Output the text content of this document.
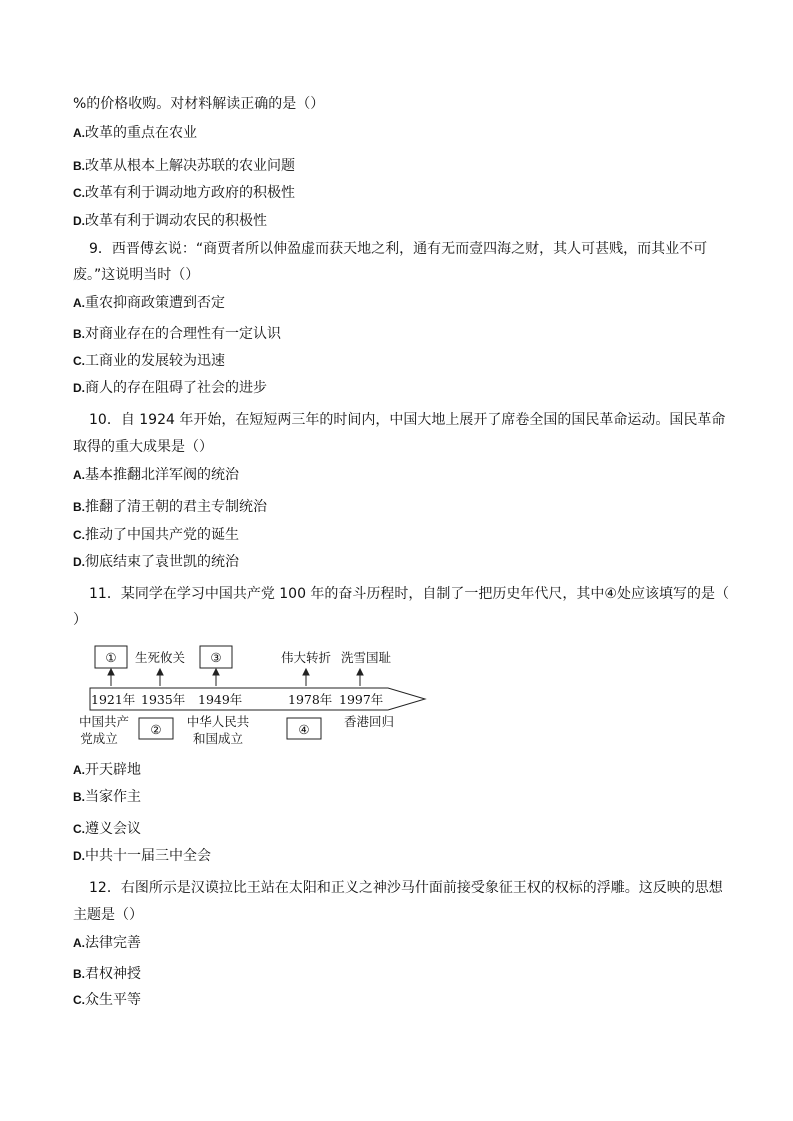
%的价格收购。对材料解读正确的是（）
A.改革的重点在农业
B.改革从根本上解决苏联的农业问题
C.改革有利于调动地方政府的积极性
D.改革有利于调动农民的积极性
9．西晋傅玄说：“商贾者所以伸盈虚而获天地之利，通有无而壹四海之财，其人可甚贱，而其业不可
废。”这说明当时（）
A.重农抑商政策遭到否定
B.对商业存在的合理性有一定认识
C.工商业的发展较为迅速
D.商人的存在阻碍了社会的进步
10．自 1924 年开始，在短短两三年的时间内，中国大地上展开了席卷全国的国民革命运动。国民革命
取得的重大成果是（）
A.基本推翻北洋军阀的统治
B.推翻了清王朝的君主专制统治
C.推动了中国共产党的诞生
D.彻底结束了袁世凯的统治
11．某同学在学习中国共产党 100 年的奋斗历程时，自制了一把历史年代尺，其中④处应该填写的是（
）
①	③
生死攸关	伟大转折 洗雪国耻
1921年 1935年 1949年	1978年 1997年
中国共产
党成立
②
中华人民共
和国成立
④
香港回归
A.开天辟地
B.当家作主
C.遵义会议
D.中共十一届三中全会
12．右图所示是汉谟拉比王站在太阳和正义之神沙马什面前接受象征王权的权标的浮雕。这反映的思想
主题是（）
A.法律完善
B.君权神授
C.众生平等
